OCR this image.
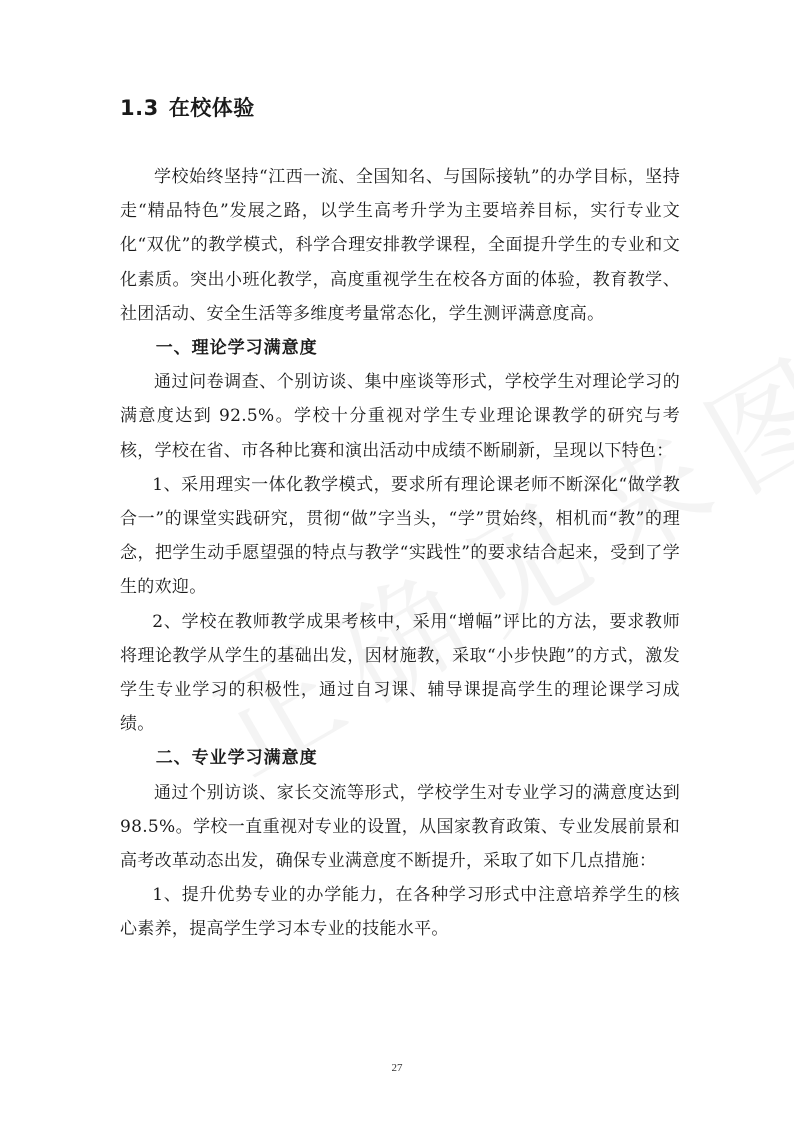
1.3 在校体验

学校始终坚持“江西一流、全国知名、与国际接轨”的办学目标，坚持走“精品特色”发展之路，以学生高考升学为主要培养目标，实行专业文化“双优”的教学模式，科学合理安排教学课程，全面提升学生的专业和文化素质。突出小班化教学，高度重视学生在校各方面的体验，教育教学、社团活动、安全生活等多维度考量常态化，学生测评满意度高。

一、理论学习满意度

通过问卷调查、个别访谈、集中座谈等形式，学校学生对理论学习的满意度达到 92.5%。学校十分重视对学生专业理论课教学的研究与考核，学校在省、市各种比赛和演出活动中成绩不断刷新，呈现以下特色：

1、采用理实一体化教学模式，要求所有理论课老师不断深化“做学教合一”的课堂实践研究，贯彻“做”字当头，“学”贯始终，相机而“教”的理念，把学生动手愿望强的特点与教学“实践性”的要求结合起来，受到了学生的欢迎。

2、学校在教师教学成果考核中，采用“增幅”评比的方法，要求教师将理论教学从学生的基础出发，因材施教，采取“小步快跑”的方式，激发学生专业学习的积极性，通过自习课、辅导课提高学生的理论课学习成绩。

二、专业学习满意度

通过个别访谈、家长交流等形式，学校学生对专业学习的满意度达到 98.5%。学校一直重视对专业的设置，从国家教育政策、专业发展前景和高考改革动态出发，确保专业满意度不断提升，采取了如下几点措施：

1、提升优势专业的办学能力，在各种学习形式中注意培养学生的核心素养，提高学生学习本专业的技能水平。

27
